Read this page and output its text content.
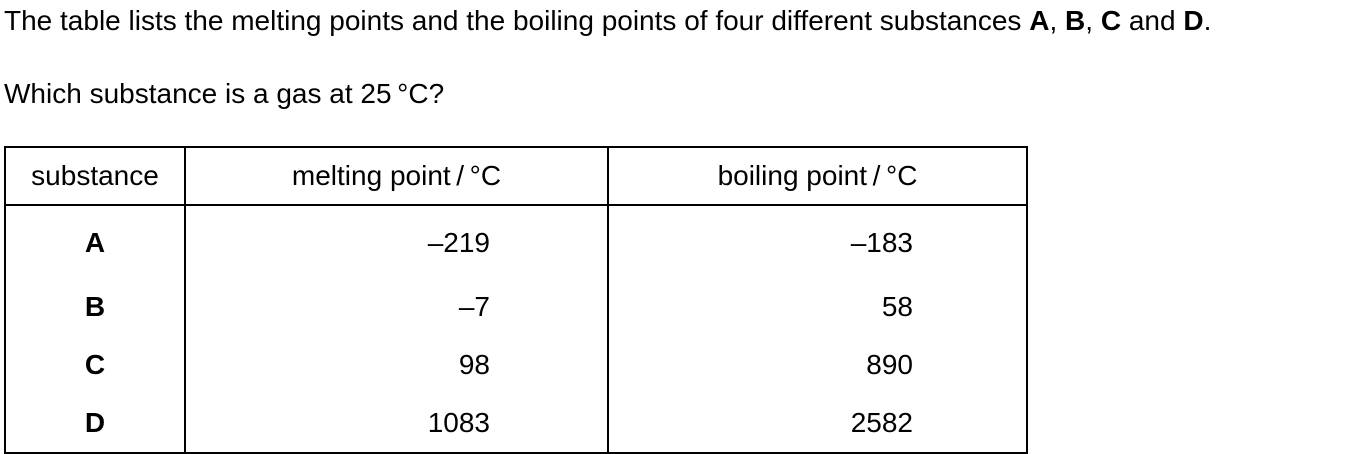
The table lists the melting points and the boiling points of four different substances A, B, C and D.
Which substance is a gas at 25 °C?
substance	melting point / °C	boiling point / °C
A	–219	–183
B	–7	58
C	98	890
D	1083	2582
